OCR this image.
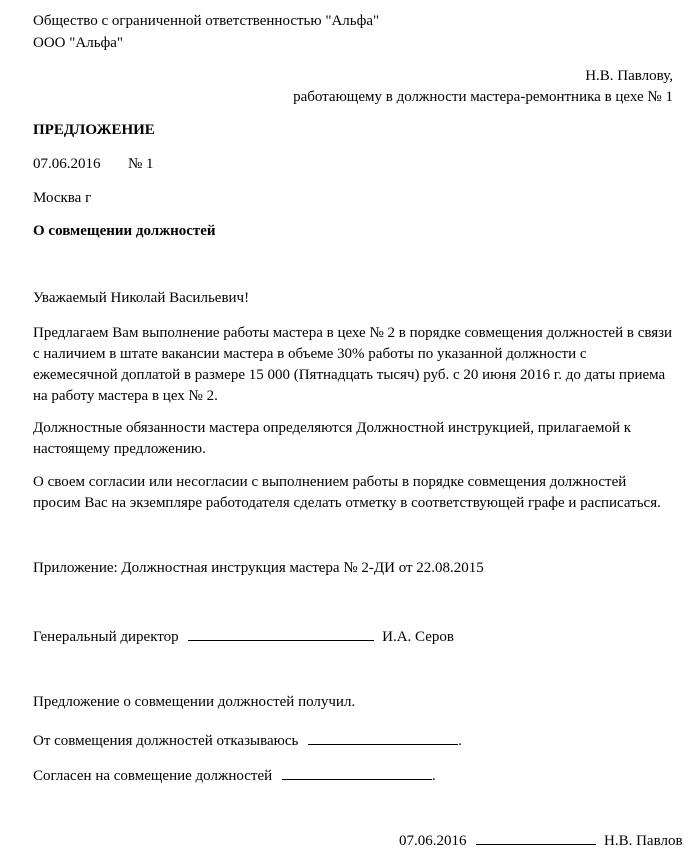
Общество с ограниченной ответственностью "Альфа"
ООО "Альфа"
Н.В. Павлову,
работающему в должности мастера-ремонтника в цехе № 1
ПРЕДЛОЖЕНИЕ
07.06.2016 № 1
Москва г
О совмещении должностей
Уважаемый Николай Васильевич!
Предлагаем Вам выполнение работы мастера в цехе № 2 в порядке совмещения должностей в связи с наличием в штате вакансии мастера в объеме 30% работы по указанной должности с ежемесячной доплатой в размере 15 000 (Пятнадцать тысяч) руб. с 20 июня 2016 г. до даты приема на работу мастера в цех № 2.
Должностные обязанности мастера определяются Должностной инструкцией, прилагаемой к настоящему предложению.
О своем согласии или несогласии с выполнением работы в порядке совмещения должностей просим Вас на экземпляре работодателя сделать отметку в соответствующей графе и расписаться.
Приложение: Должностная инструкция мастера № 2-ДИ от 22.08.2015
Генеральный директор	И.А. Серов
Предложение о совмещении должностей получил.
От совмещения должностей отказываюсь	.
Согласен на совмещение должностей	.
07.06.2016	Н.В. Павлов
